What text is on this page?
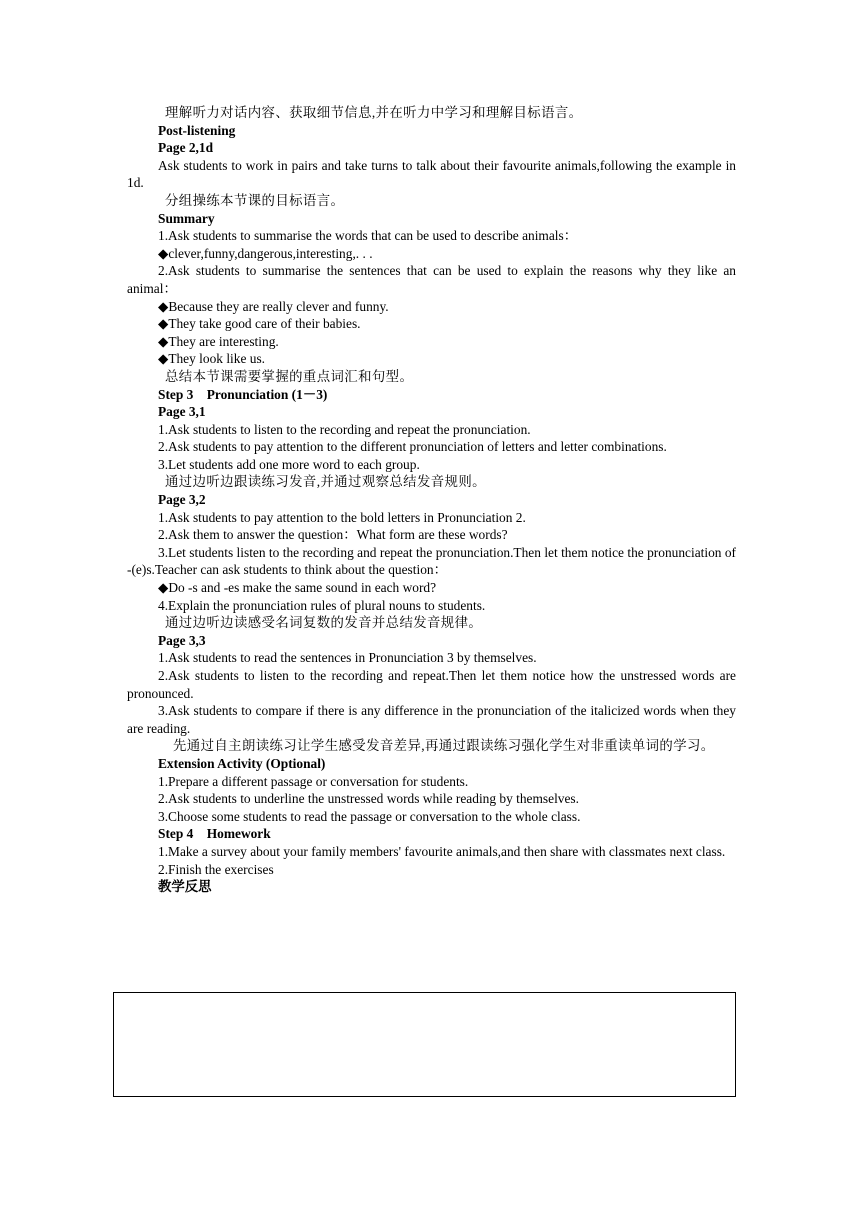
理解听力对话内容、获取细节信息,并在听力中学习和理解目标语言。

Post-listening

Page 2,1d

Ask students to work in pairs and take turns to talk about their favourite animals,following the example in 1d.

分组操练本节课的目标语言。

Summary

1.Ask students to summarise the words that can be used to describe animals：

◆ clever,funny,dangerous,interesting,. . .

2.Ask students to summarise the sentences that can be used to explain the reasons why they like an animal：

◆ Because they are really clever and funny.

◆ They take good care of their babies.

◆ They are interesting.

◆ They look like us.

总结本节课需要掌握的重点词汇和句型。

Step 3　Pronunciation (1－3)

Page 3,1

1.Ask students to listen to the recording and repeat the pronunciation.

2.Ask students to pay attention to the different pronunciation of letters and letter combinations.

3.Let students add one more word to each group.

通过边听边跟读练习发音,并通过观察总结发音规则。

Page 3,2

1.Ask students to pay attention to the bold letters in Pronunciation 2.

2.Ask them to answer the question：What form are these words?

3.Let students listen to the recording and repeat the pronunciation.Then let them notice the pronunciation of -(e)s.Teacher can ask students to think about the question：

◆ Do -s and -es make the same sound in each word?

4.Explain the pronunciation rules of plural nouns to students.

通过边听边读感受名词复数的发音并总结发音规律。

Page 3,3

1.Ask students to read the sentences in Pronunciation 3 by themselves.

2.Ask students to listen to the recording and repeat.Then let them notice how the unstressed words are pronounced.

3.Ask students to compare if there is any difference in the pronunciation of the italicized words when they are reading.

先通过自主朗读练习让学生感受发音差异,再通过跟读练习强化学生对非重读单词的学习。

Extension Activity (Optional)

1.Prepare a different passage or conversation for students.

2.Ask students to underline the unstressed words while reading by themselves.

3.Choose some students to read the passage or conversation to the whole class.

Step 4　Homework

1.Make a survey about your family members' favourite animals,and then share with classmates next class.

2.Finish the exercises

教学反思
